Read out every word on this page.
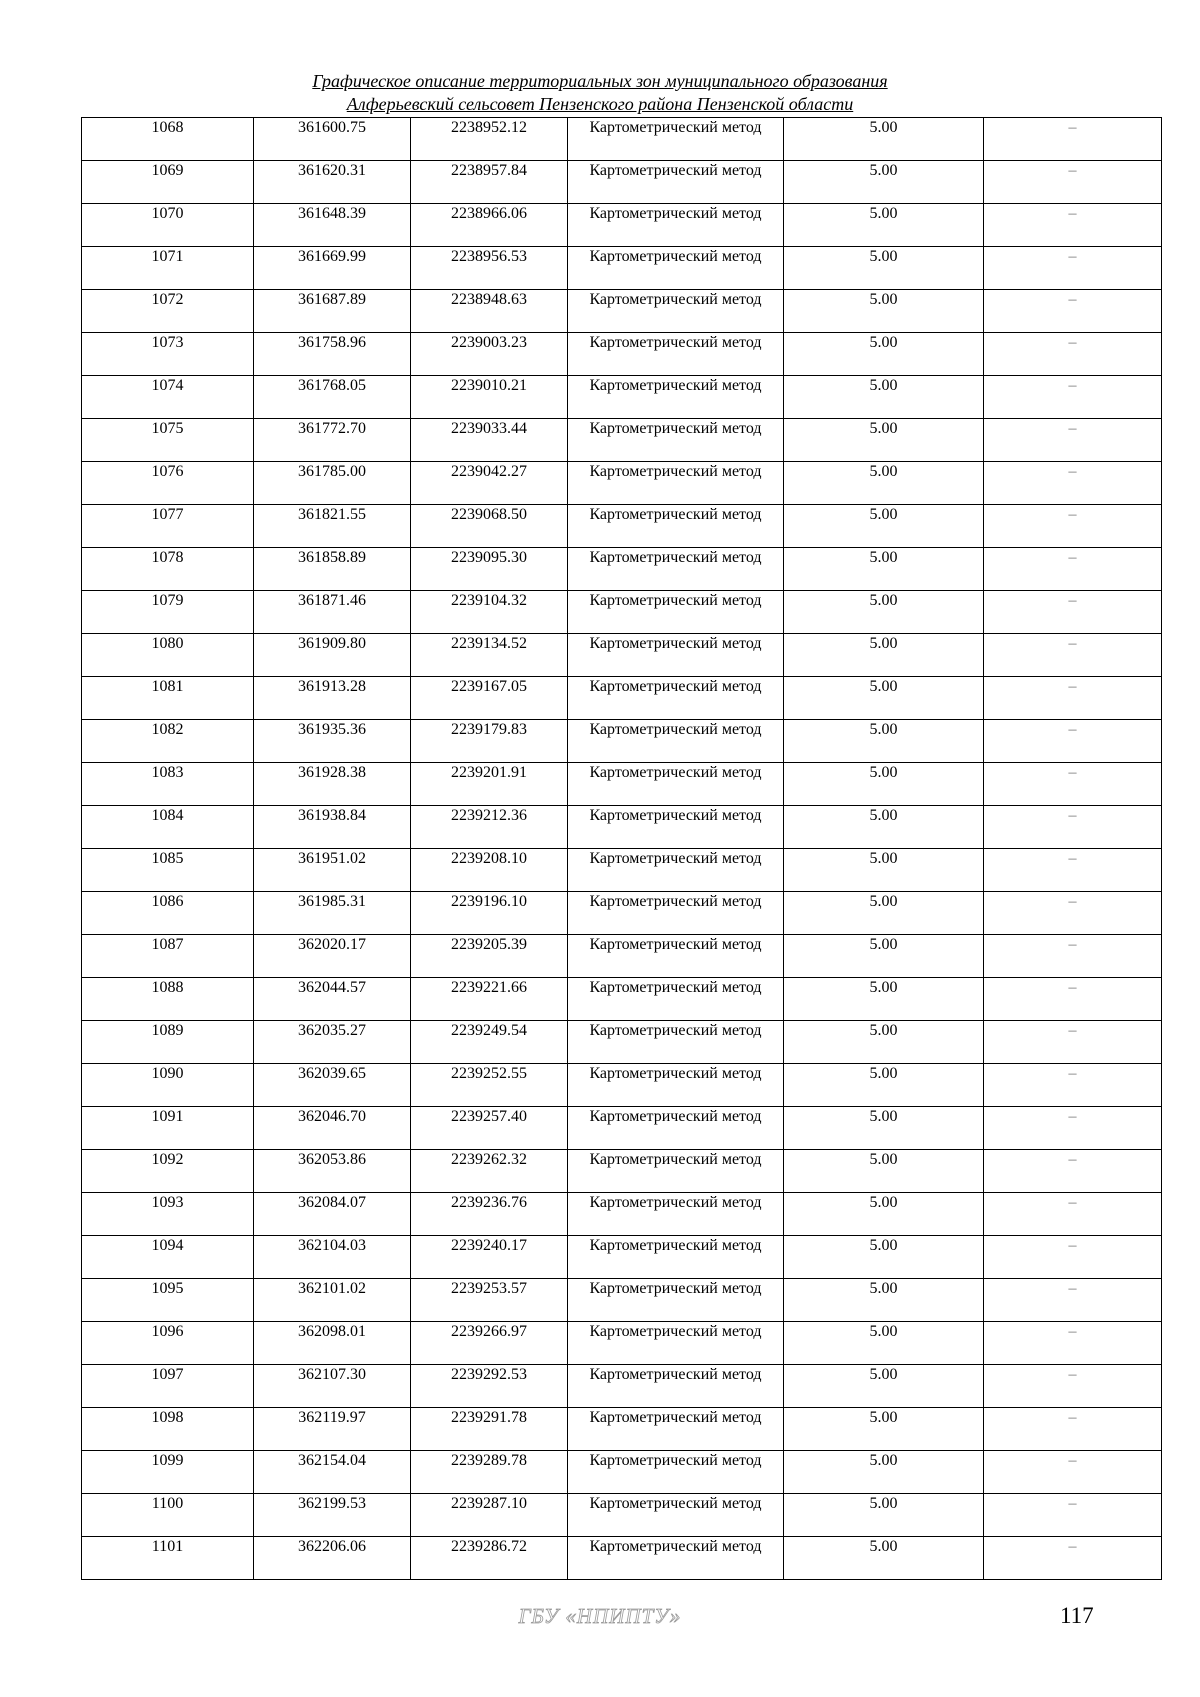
Графическое описание территориальных зон муниципального образования
Алферьевский сельсовет Пензенского района Пензенской области
1068	361600.75	2238952.12	Картометрический метод	5.00	–
1069	361620.31	2238957.84	Картометрический метод	5.00	–
1070	361648.39	2238966.06	Картометрический метод	5.00	–
1071	361669.99	2238956.53	Картометрический метод	5.00	–
1072	361687.89	2238948.63	Картометрический метод	5.00	–
1073	361758.96	2239003.23	Картометрический метод	5.00	–
1074	361768.05	2239010.21	Картометрический метод	5.00	–
1075	361772.70	2239033.44	Картометрический метод	5.00	–
1076	361785.00	2239042.27	Картометрический метод	5.00	–
1077	361821.55	2239068.50	Картометрический метод	5.00	–
1078	361858.89	2239095.30	Картометрический метод	5.00	–
1079	361871.46	2239104.32	Картометрический метод	5.00	–
1080	361909.80	2239134.52	Картометрический метод	5.00	–
1081	361913.28	2239167.05	Картометрический метод	5.00	–
1082	361935.36	2239179.83	Картометрический метод	5.00	–
1083	361928.38	2239201.91	Картометрический метод	5.00	–
1084	361938.84	2239212.36	Картометрический метод	5.00	–
1085	361951.02	2239208.10	Картометрический метод	5.00	–
1086	361985.31	2239196.10	Картометрический метод	5.00	–
1087	362020.17	2239205.39	Картометрический метод	5.00	–
1088	362044.57	2239221.66	Картометрический метод	5.00	–
1089	362035.27	2239249.54	Картометрический метод	5.00	–
1090	362039.65	2239252.55	Картометрический метод	5.00	–
1091	362046.70	2239257.40	Картометрический метод	5.00	–
1092	362053.86	2239262.32	Картометрический метод	5.00	–
1093	362084.07	2239236.76	Картометрический метод	5.00	–
1094	362104.03	2239240.17	Картометрический метод	5.00	–
1095	362101.02	2239253.57	Картометрический метод	5.00	–
1096	362098.01	2239266.97	Картометрический метод	5.00	–
1097	362107.30	2239292.53	Картометрический метод	5.00	–
1098	362119.97	2239291.78	Картометрический метод	5.00	–
1099	362154.04	2239289.78	Картометрический метод	5.00	–
1100	362199.53	2239287.10	Картометрический метод	5.00	–
1101	362206.06	2239286.72	Картометрический метод	5.00	–
ГБУ «НПИПТУ»	117
